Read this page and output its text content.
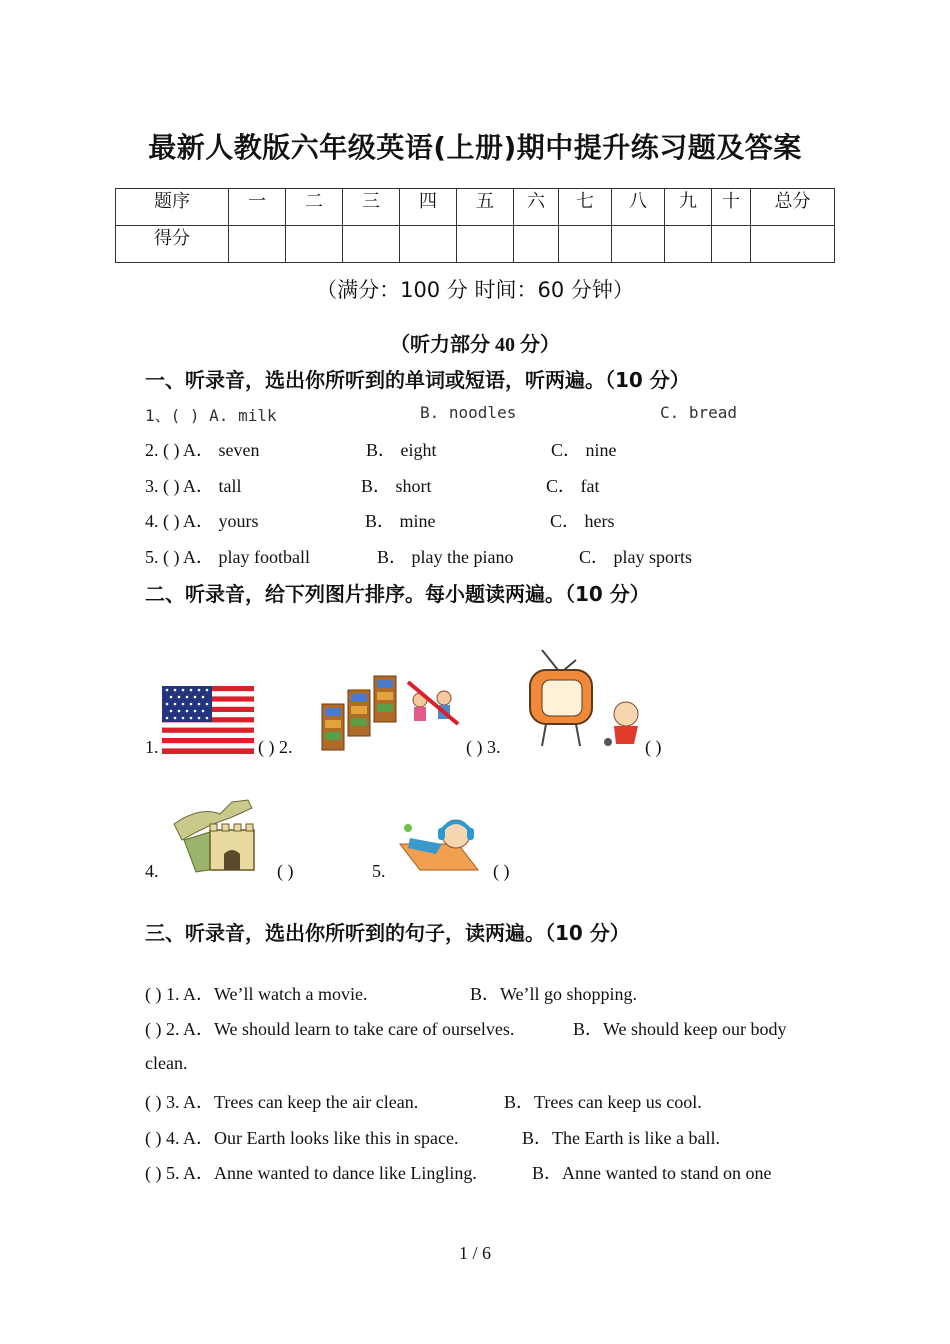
最新人教版六年级英语(上册)期中提升练习题及答案
题序	一	二	三	四	五	六	七	八	九	十	总分
得分											
（满分：100 分 时间：60 分钟）
（听力部分 40 分）
一、听录音，选出你所听到的单词或短语，听两遍。（10 分）
1、( ) A. milk	B. noodles	C. bread
2. ( ) A． seven	B． eight	C． nine
3. ( ) A． tall	B． short	C． fat
4. ( ) A． yours	B． mine	C． hers
5. ( ) A． play football	B． play the piano	C． play sports
二、听录音，给下列图片排序。每小题读两遍。（10 分）
1.	( ) 2.	( ) 3.	( )
4.	( )	5.	( )
三、听录音，选出你所听到的句子，读两遍。（10 分）
( ) 1. A．We’ll watch a movie.	B．We’ll go shopping.
( ) 2. A．We should learn to take care of ourselves.	B．We should keep our body
clean.
( ) 3. A．Trees can keep the air clean.	B．Trees can keep us cool.
( ) 4. A．Our Earth looks like this in space.	B．The Earth is like a ball.
( ) 5. A．Anne wanted to dance like Lingling.	B．Anne wanted to stand on one
1 / 6
